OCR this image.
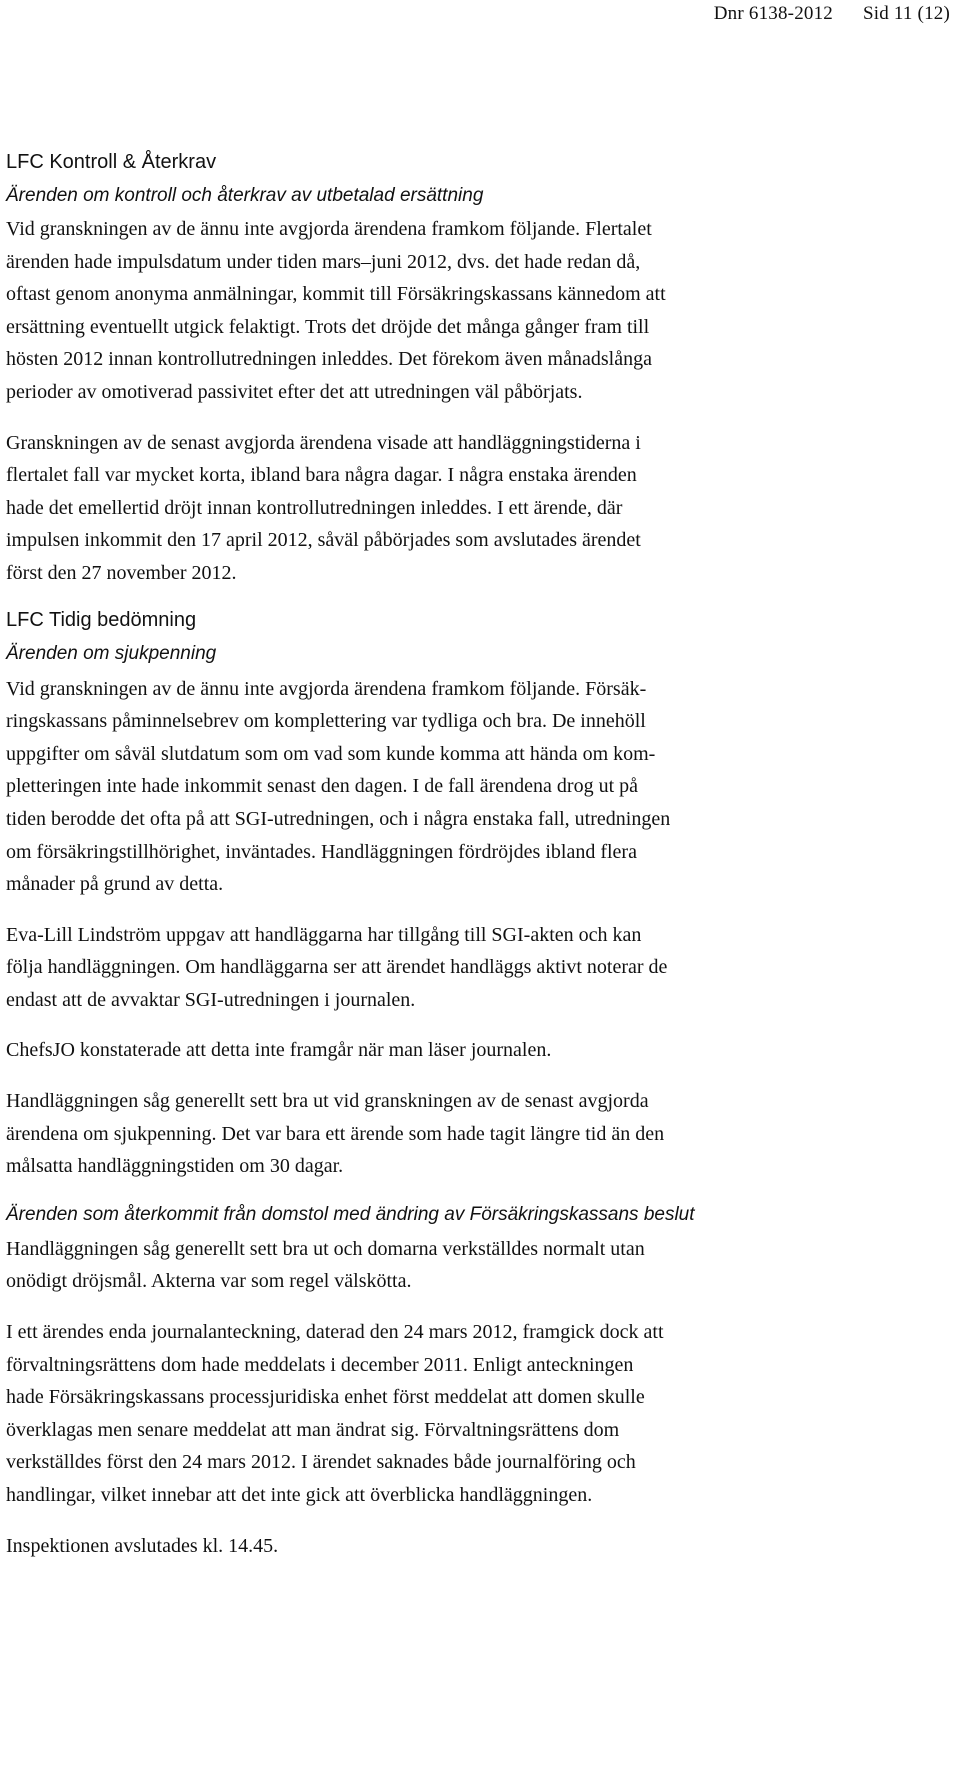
Dnr 6138-2012 Sid 11 (12)
LFC Kontroll & Återkrav

Ärenden om kontroll och återkrav av utbetalad ersättning

Vid granskningen av de ännu inte avgjorda ärendena framkom följande. Flertalet
ärenden hade impulsdatum under tiden mars–juni 2012, dvs. det hade redan då,
oftast genom anonyma anmälningar, kommit till Försäkringskassans kännedom att
ersättning eventuellt utgick felaktigt. Trots det dröjde det många gånger fram till
hösten 2012 innan kontrollutredningen inleddes. Det förekom även månadslånga
perioder av omotiverad passivitet efter det att utredningen väl påbörjats.

Granskningen av de senast avgjorda ärendena visade att handläggningstiderna i
flertalet fall var mycket korta, ibland bara några dagar. I några enstaka ärenden
hade det emellertid dröjt innan kontrollutredningen inleddes. I ett ärende, där
impulsen inkommit den 17 april 2012, såväl påbörjades som avslutades ärendet
först den 27 november 2012.

LFC Tidig bedömning

Ärenden om sjukpenning

Vid granskningen av de ännu inte avgjorda ärendena framkom följande. Försäk-
ringskassans påminnelsebrev om komplettering var tydliga och bra. De innehöll
uppgifter om såväl slutdatum som om vad som kunde komma att hända om kom-
pletteringen inte hade inkommit senast den dagen. I de fall ärendena drog ut på
tiden berodde det ofta på att SGI-utredningen, och i några enstaka fall, utredningen
om försäkringstillhörighet, inväntades. Handläggningen fördröjdes ibland flera
månader på grund av detta.

Eva-Lill Lindström uppgav att handläggarna har tillgång till SGI-akten och kan
följa handläggningen. Om handläggarna ser att ärendet handläggs aktivt noterar de
endast att de avvaktar SGI-utredningen i journalen.

ChefsJO konstaterade att detta inte framgår när man läser journalen.

Handläggningen såg generellt sett bra ut vid granskningen av de senast avgjorda
ärendena om sjukpenning. Det var bara ett ärende som hade tagit längre tid än den
målsatta handläggningstiden om 30 dagar.

Ärenden som återkommit från domstol med ändring av Försäkringskassans beslut

Handläggningen såg generellt sett bra ut och domarna verkställdes normalt utan
onödigt dröjsmål. Akterna var som regel välskötta.

I ett ärendes enda journalanteckning, daterad den 24 mars 2012, framgick dock att
förvaltningsrättens dom hade meddelats i december 2011. Enligt anteckningen
hade Försäkringskassans processjuridiska enhet först meddelat att domen skulle
överklagas men senare meddelat att man ändrat sig. Förvaltningsrättens dom
verkställdes först den 24 mars 2012. I ärendet saknades både journalföring och
handlingar, vilket innebar att det inte gick att överblicka handläggningen.

Inspektionen avslutades kl. 14.45.
